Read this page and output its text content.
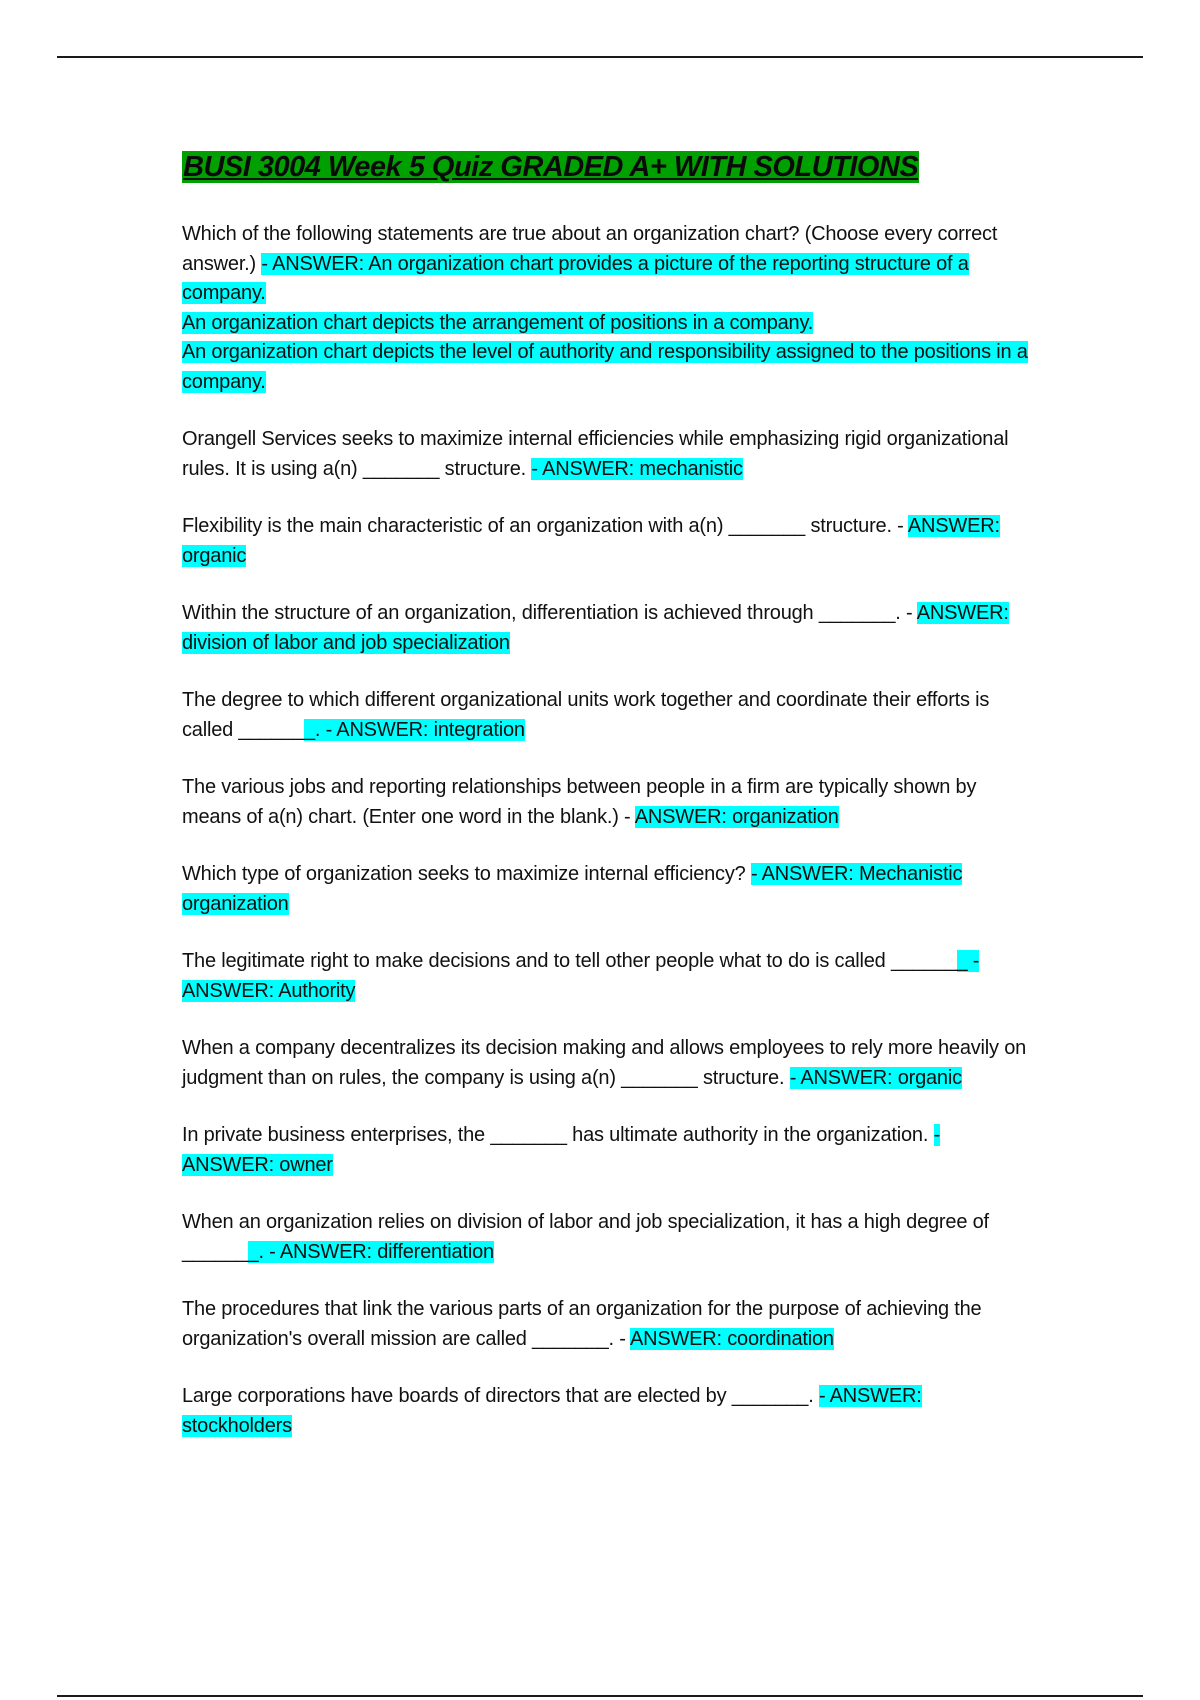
BUSI 3004 Week 5 Quiz GRADED A+ WITH SOLUTIONS

Which of the following statements are true about an organization chart? (Choose every correct answer.) - ANSWER: An organization chart provides a picture of the reporting structure of a company.
An organization chart depicts the arrangement of positions in a company.
An organization chart depicts the level of authority and responsibility assigned to the positions in a company.

Orangell Services seeks to maximize internal efficiencies while emphasizing rigid organizational rules. It is using a(n) _______ structure. - ANSWER: mechanistic

Flexibility is the main characteristic of an organization with a(n) _______ structure. - ANSWER: organic

Within the structure of an organization, differentiation is achieved through _______. - ANSWER: division of labor and job specialization

The degree to which different organizational units work together and coordinate their efforts is called _______. - ANSWER: integration

The various jobs and reporting relationships between people in a firm are typically shown by means of a(n) chart. (Enter one word in the blank.) - ANSWER: organization

Which type of organization seeks to maximize internal efficiency? - ANSWER: Mechanistic organization

The legitimate right to make decisions and to tell other people what to do is called _______ - ANSWER: Authority

When a company decentralizes its decision making and allows employees to rely more heavily on judgment than on rules, the company is using a(n) _______ structure. - ANSWER: organic

In private business enterprises, the _______ has ultimate authority in the organization. - ANSWER: owner

When an organization relies on division of labor and job specialization, it has a high degree of _______. - ANSWER: differentiation

The procedures that link the various parts of an organization for the purpose of achieving the organization's overall mission are called _______. - ANSWER: coordination

Large corporations have boards of directors that are elected by _______. - ANSWER: stockholders
